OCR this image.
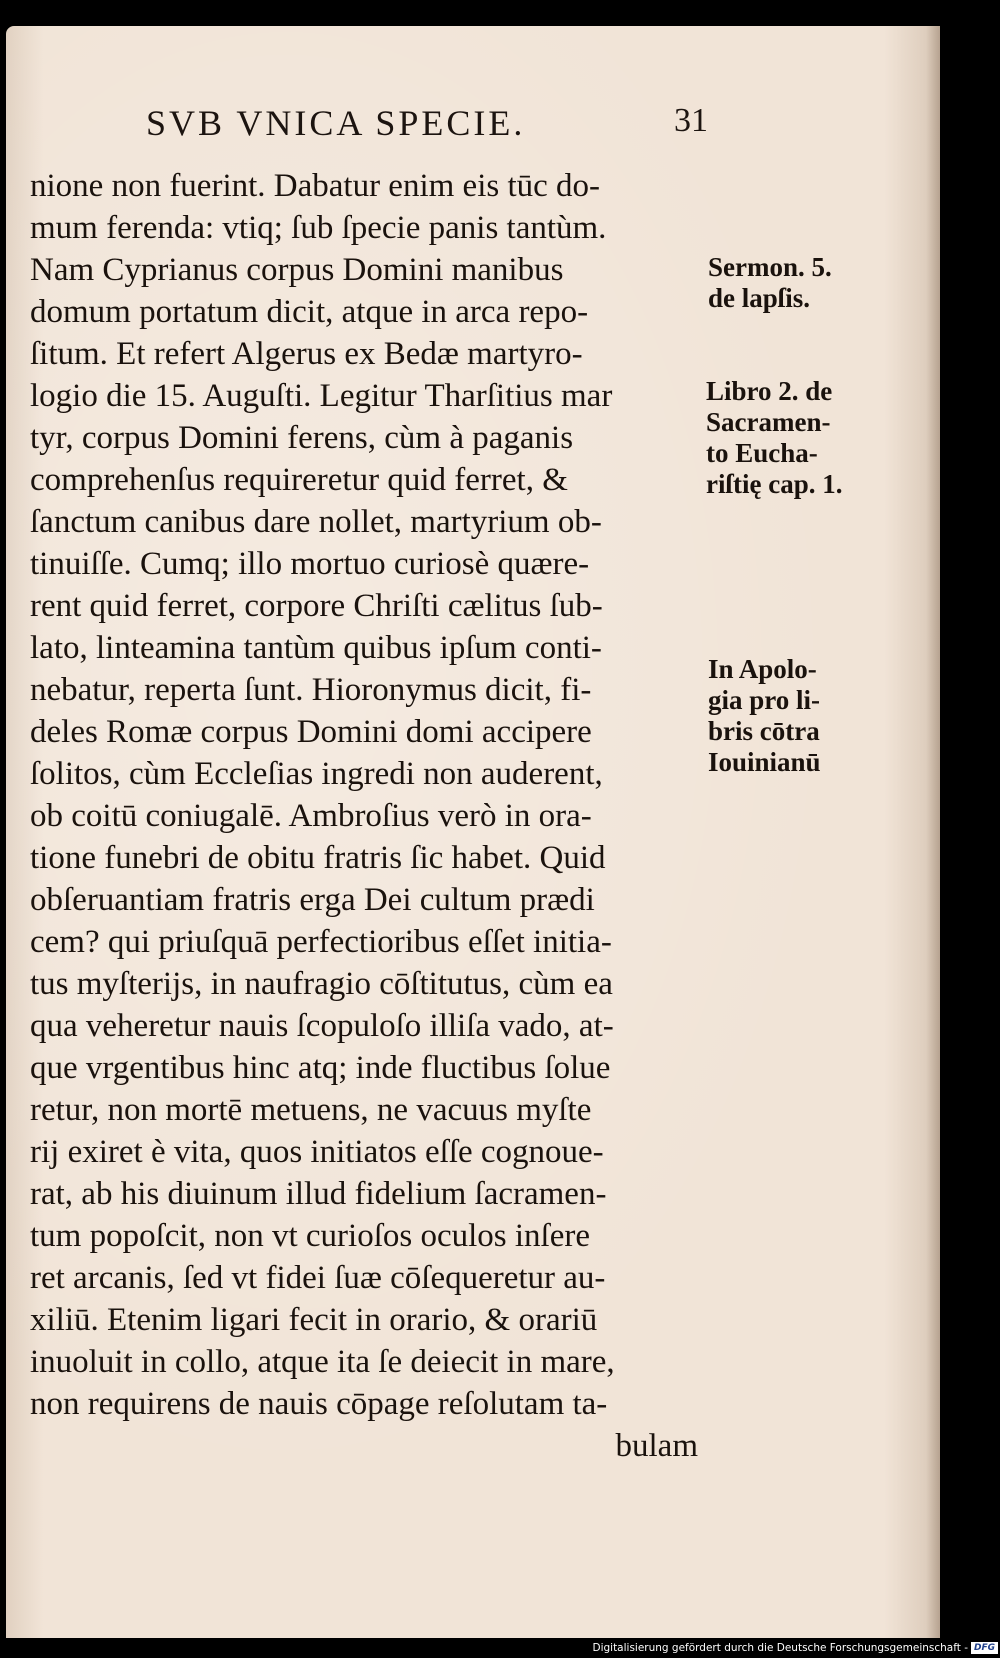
SVB VNICA SPECIE.	31
nione non fuerint. Dabatur enim eis tūc do-
mum ferenda: vtiq; ſub ſpecie panis tantùm.
Nam Cyprianus corpus Domini manibus
domum portatum dicit, atque in arca repo-
ſitum. Et refert Algerus ex Bedæ martyro-
logio die 15. Auguſti. Legitur Tharſitius mar
tyr, corpus Domini ferens, cùm à paganis
comprehenſus requireretur quid ferret, &
ſanctum canibus dare nollet, martyrium ob-
tinuiſſe. Cumq; illo mortuo curiosè quære-
rent quid ferret, corpore Chriſti cælitus ſub-
lato, linteamina tantùm quibus ipſum conti-
nebatur, reperta ſunt. Hioronymus dicit, fi-
deles Romæ corpus Domini domi accipere
ſolitos, cùm Eccleſias ingredi non auderent,
ob coitū coniugalē. Ambroſius verò in ora-
tione funebri de obitu fratris ſic habet. Quid
obſeruantiam fratris erga Dei cultum prædi
cem? qui priuſquā perfectioribus eſſet initia-
tus myſterijs, in naufragio cōſtitutus, cùm ea
qua veheretur nauis ſcopuloſo illiſa vado, at-
que vrgentibus hinc atq; inde fluctibus ſolue
retur, non mortē metuens, ne vacuus myſte
rij exiret è vita, quos initiatos eſſe cognoue-
rat, ab his diuinum illud fidelium ſacramen-
tum popoſcit, non vt curioſos oculos inſere
ret arcanis, ſed vt fidei ſuæ cōſequeretur au-
xiliū. Etenim ligari fecit in orario, & orariū
inuoluit in collo, atque ita ſe deiecit in mare,
non requirens de nauis cōpage reſolutam ta-
bulam
Sermon. 5.
de lapſis.
Libro 2. de
Sacramen-
to Eucha-
riſtię cap. 1.
In Apolo-
gia pro li-
bris cōtra
Iouinianū
Digitalisierung gefördert durch die Deutsche Forschungsgemeinschaft - DFG
